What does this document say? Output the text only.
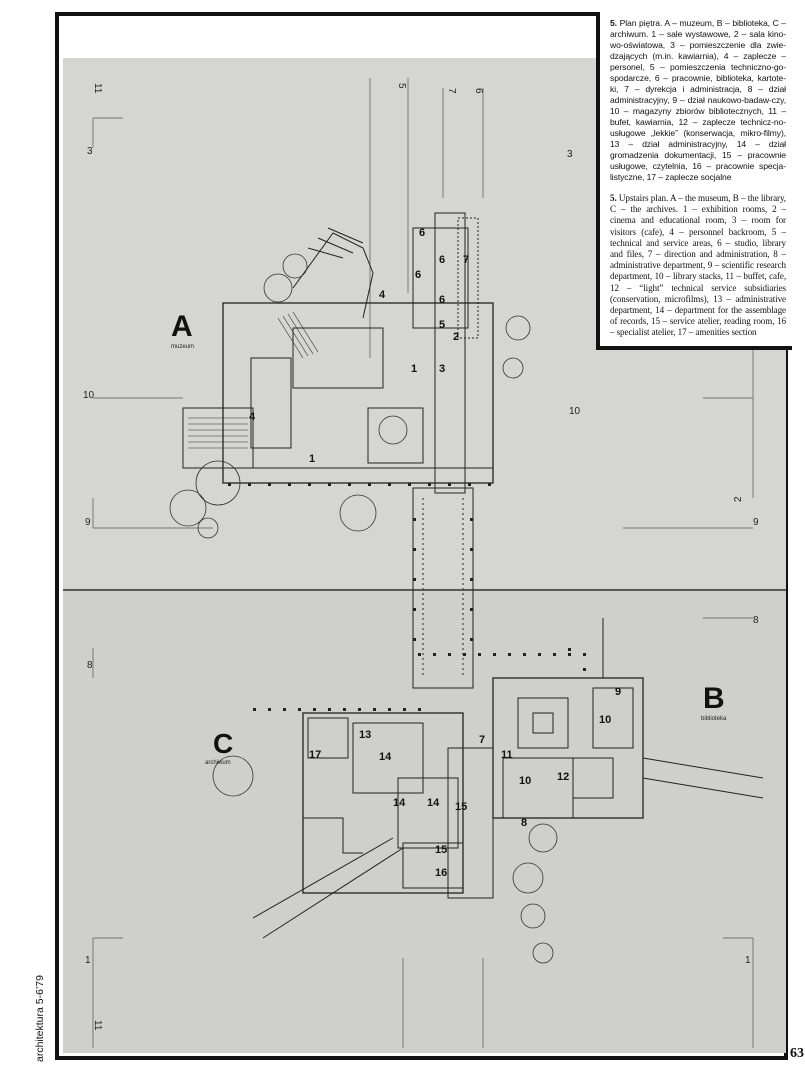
A
muzeum
B
biblioteka
C
archiwum
11	5
7 6
3	3
10
10
9	9
2
8
8
1	1
11
6
6
6
7
6
4
5
2
1 3
4
1
9
10
10 12
11
8
13
17	14
14 14 15
15
16
7

5. Plan piętra. A – muzeum, B – biblioteka, C – archiwum. 1 – sale wystawowe, 2 – sala kino-wo-oświatowa, 3 – pomieszczenie dla zwie-dzających (m.in. kawiarnia), 4 – zaplecze – personel, 5 – pomieszczenia techniczno-go-spodarcze, 6 – pracownie, biblioteka, kartote-ki, 7 – dyrekcja i administracja, 8 – dział administracyjny, 9 – dział naukowo-badaw-czy, 10 – magazyny zbiorów bibliotecznych, 11 – bufet, kawiarnia, 12 – zaplecze technicz-no-usługowe „lekkie” (konserwacja, mikro-filmy), 13 – dział administracyjny, 14 – dział gromadzenia dokumentacji, 15 – pracownie usługowe, czytelnia, 16 – pracownie specja-listyczne, 17 – zaplecze socjalne

5. Upstairs plan. A – the museum, B – the library, C – the archives. 1 – exhibition rooms, 2 – cinema and educational room, 3 – room for visitors (cafe), 4 – personnel backroom, 5 – technical and service areas, 6 – studio, library and files, 7 – direction and administration, 8 – administrative department, 9 – scientific research department, 10 – library stacks, 11 – buffet, cafe, 12 – “light” technical service subsidiaries (conservation, microfilms), 13 – administrative department, 14 – department for the assemblage of records, 15 – service atelier, reading room, 16 – specialist atelier, 17 – amenities section

architektura 5-6’79	63
